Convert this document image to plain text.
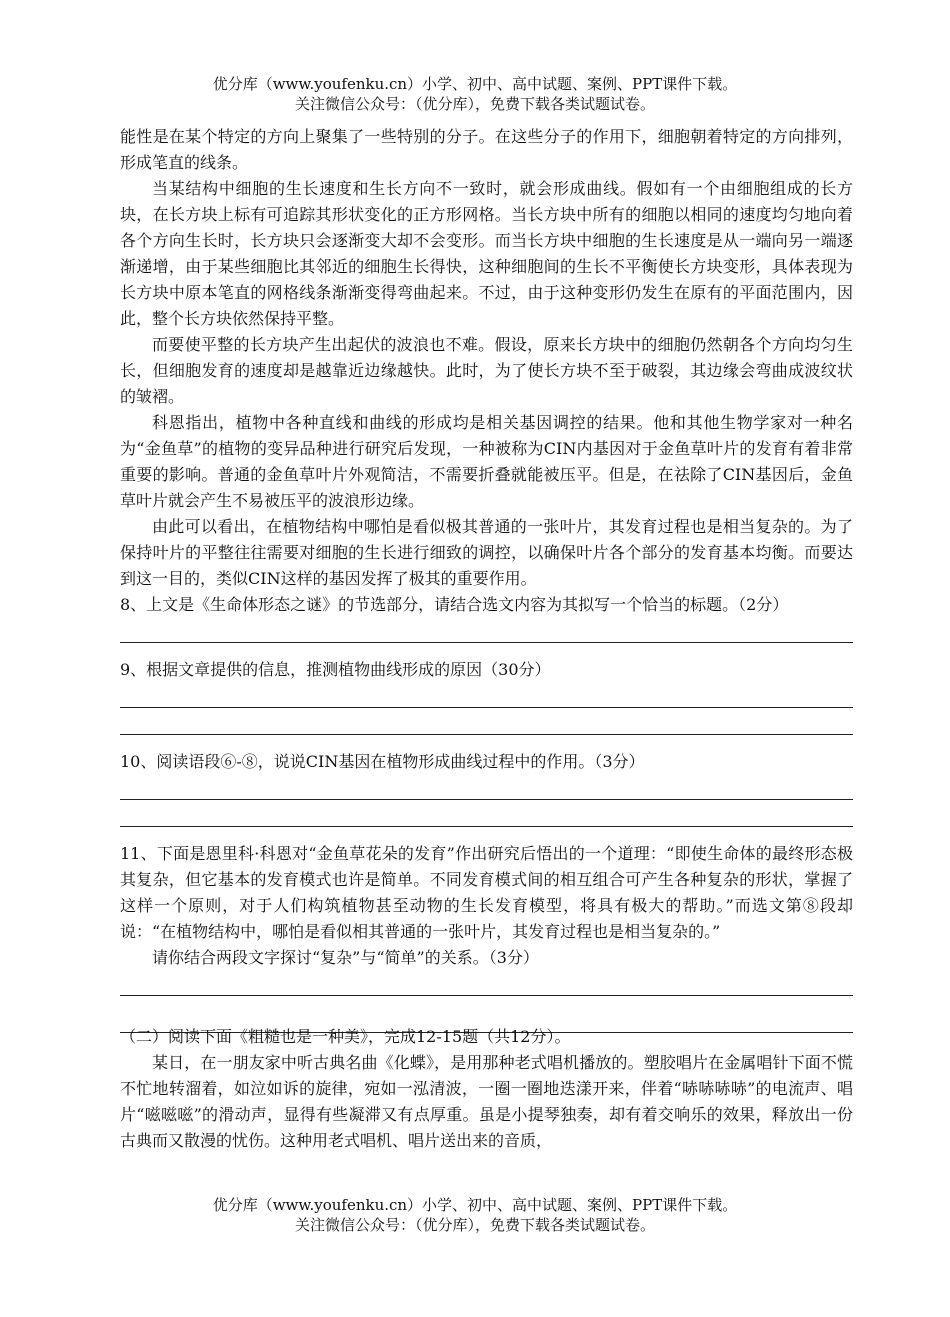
优分库（www.youfenku.cn）小学、初中、高中试题、案例、PPT课件下载。
关注微信公众号：（优分库），免费下载各类试题试卷。

能性是在某个特定的方向上聚集了一些特别的分子。在这些分子的作用下，细胞朝着特定的方向排列，形成笔直的线条。

当某结构中细胞的生长速度和生长方向不一致时，就会形成曲线。假如有一个由细胞组成的长方块，在长方块上标有可追踪其形状变化的正方形网格。当长方块中所有的细胞以相同的速度均匀地向着各个方向生长时，长方块只会逐渐变大却不会变形。而当长方块中细胞的生长速度是从一端向另一端逐渐递增，由于某些细胞比其邻近的细胞生长得快，这种细胞间的生长不平衡使长方块变形，具体表现为长方块中原本笔直的网格线条渐渐变得弯曲起来。不过，由于这种变形仍发生在原有的平面范围内，因此，整个长方块依然保持平整。

而要使平整的长方块产生出起伏的波浪也不难。假设，原来长方块中的细胞仍然朝各个方向均匀生长，但细胞发育的速度却是越靠近边缘越快。此时，为了使长方块不至于破裂，其边缘会弯曲成波纹状的皱褶。

科恩指出，植物中各种直线和曲线的形成均是相关基因调控的结果。他和其他生物学家对一种名为“金鱼草”的植物的变异品种进行研究后发现，一种被称为CIN内基因对于金鱼草叶片的发育有着非常重要的影响。普通的金鱼草叶片外观简洁，不需要折叠就能被压平。但是，在祛除了CIN基因后，金鱼草叶片就会产生不易被压平的波浪形边缘。

由此可以看出，在植物结构中哪怕是看似极其普通的一张叶片，其发育过程也是相当复杂的。为了保持叶片的平整往往需要对细胞的生长进行细致的调控，以确保叶片各个部分的发育基本均衡。而要达到这一目的，类似CIN这样的基因发挥了极其的重要作用。

8、上文是《生命体形态之谜》的节选部分，请结合选文内容为其拟写一个恰当的标题。（2分）

9、根据文章提供的信息，推测植物曲线形成的原因（30分）

10、阅读语段⑥-⑧，说说CIN基因在植物形成曲线过程中的作用。（3分）

11、下面是恩里科·科恩对“金鱼草花朵的发育”作出研究后悟出的一个道理：“即使生命体的最终形态极其复杂，但它基本的发育模式也许是简单。不同发育模式间的相互组合可产生各种复杂的形状，掌握了这样一个原则，对于人们构筑植物甚至动物的生长发育模型，将具有极大的帮助。”而选文第⑧段却说：“在植物结构中，哪怕是看似相其普通的一张叶片，其发育过程也是相当复杂的。”

请你结合两段文字探讨“复杂”与“简单”的关系。（3分）

（二）阅读下面《粗糙也是一种美》，完成12-15题（共12分）。

某日，在一朋友家中听古典名曲《化蝶》，是用那种老式唱机播放的。塑胶唱片在金属唱针下面不慌不忙地转溜着，如泣如诉的旋律，宛如一泓清波，一圈一圈地迭漾开来，伴着“哧哧哧哧”的电流声、唱片“嗞嗞嗞”的滑动声，显得有些凝滞又有点厚重。虽是小提琴独奏，却有着交响乐的效果，释放出一份古典而又散漫的忧伤。这种用老式唱机、唱片送出来的音质，

优分库（www.youfenku.cn）小学、初中、高中试题、案例、PPT课件下载。
关注微信公众号：（优分库），免费下载各类试题试卷。
